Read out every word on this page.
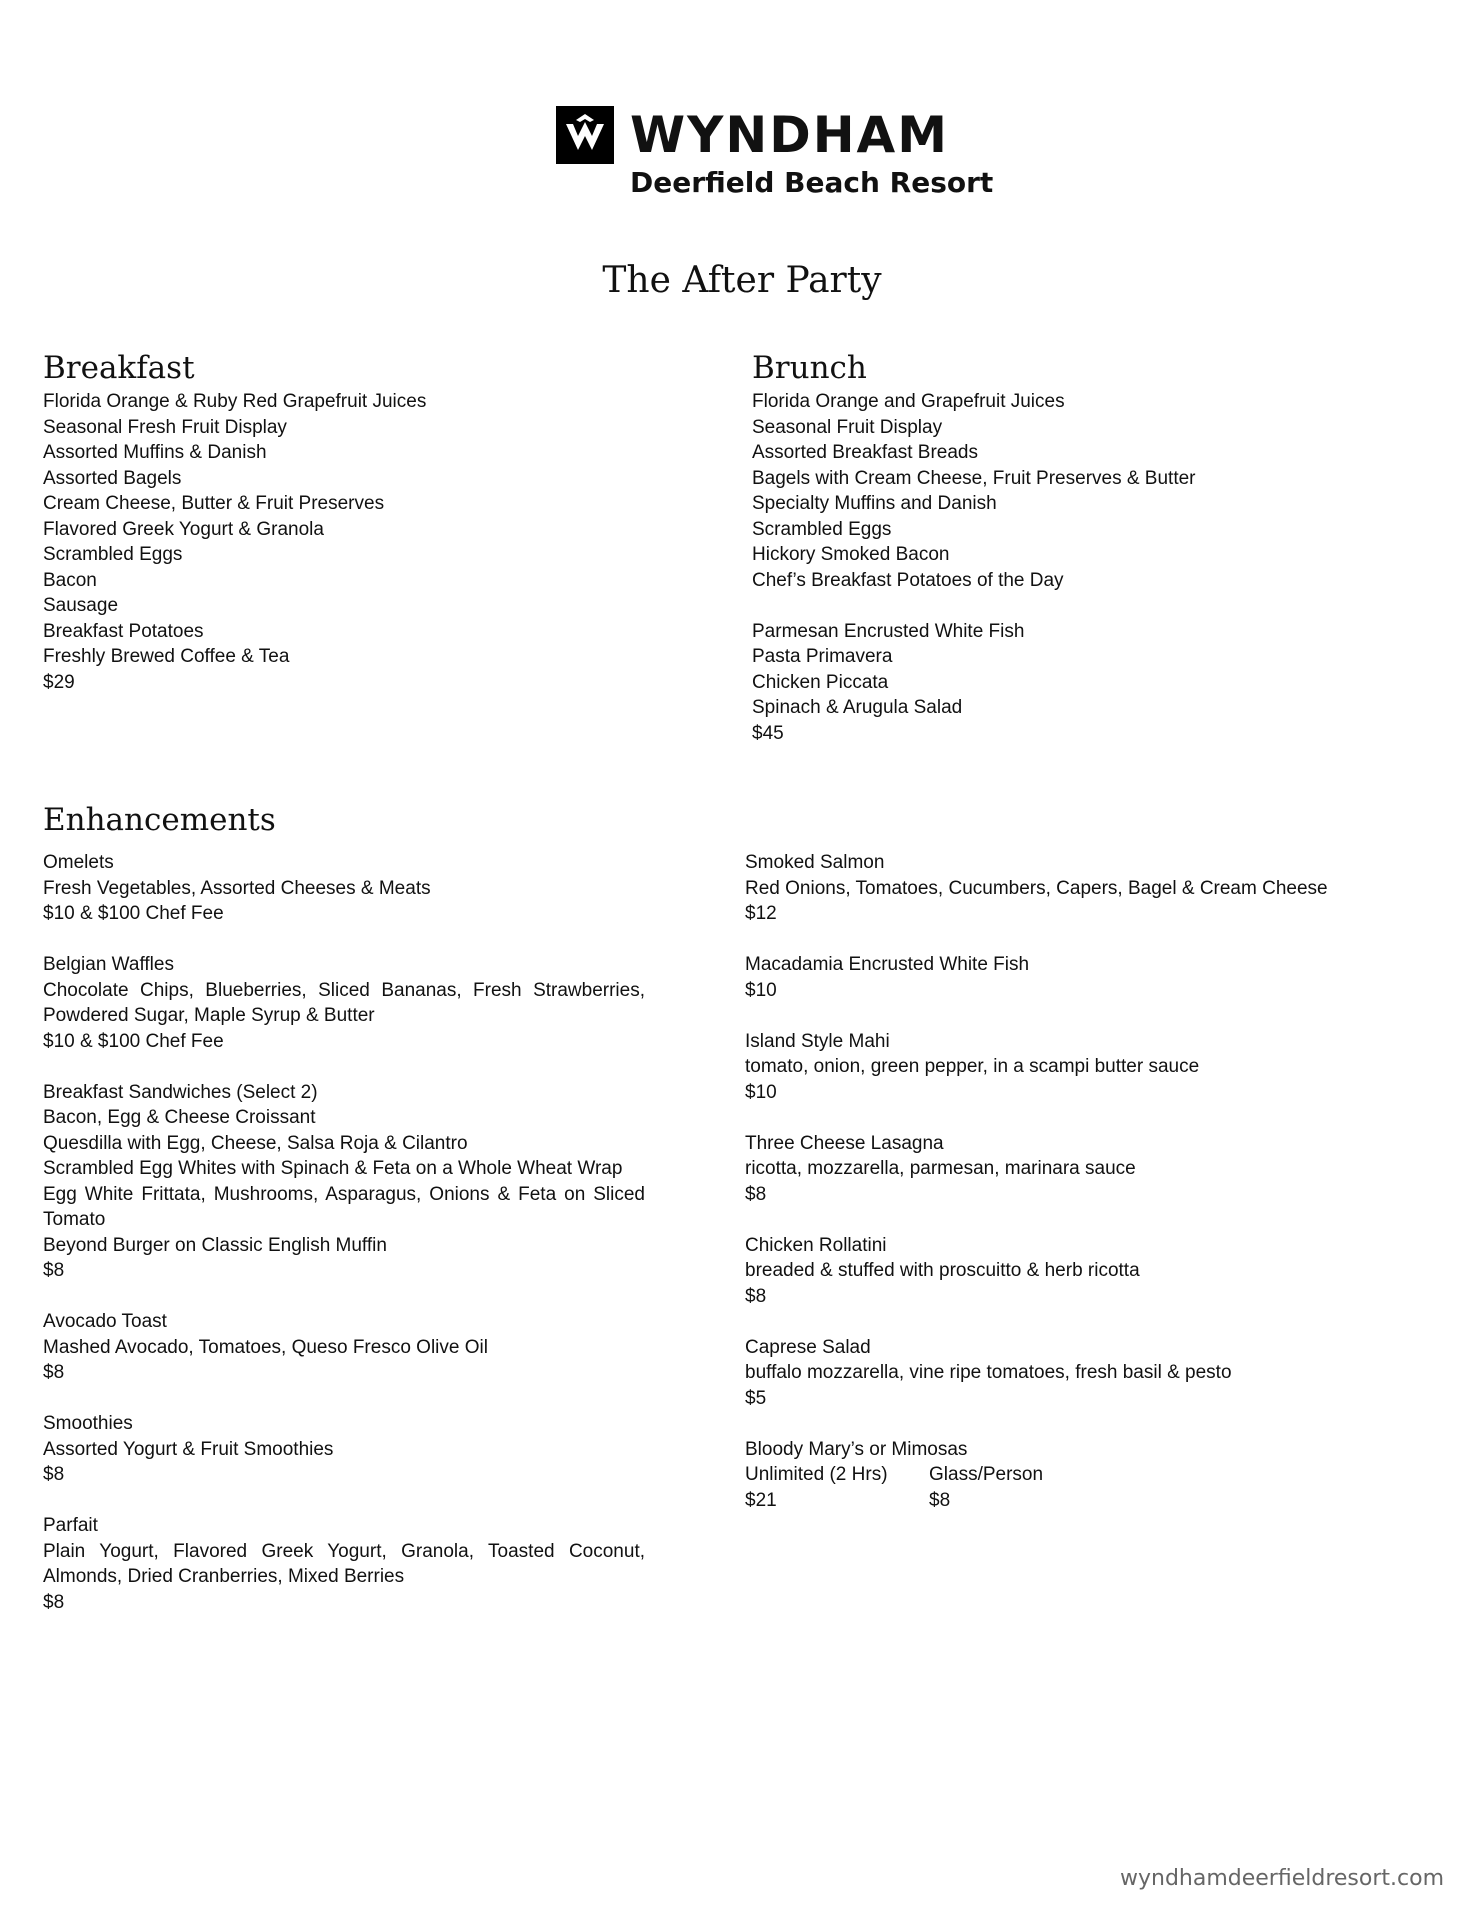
WYNDHAM
Deerfield Beach Resort
The After Party
Breakfast
Florida Orange & Ruby Red Grapefruit Juices
Seasonal Fresh Fruit Display
Assorted Muffins & Danish
Assorted Bagels
Cream Cheese, Butter & Fruit Preserves
Flavored Greek Yogurt & Granola
Scrambled Eggs
Bacon
Sausage
Breakfast Potatoes
Freshly Brewed Coffee & Tea
$29
Brunch
Florida Orange and Grapefruit Juices
Seasonal Fruit Display
Assorted Breakfast Breads
Bagels with Cream Cheese, Fruit Preserves & Butter
Specialty Muffins and Danish
Scrambled Eggs
Hickory Smoked Bacon
Chef’s Breakfast Potatoes of the Day
Parmesan Encrusted White Fish
Pasta Primavera
Chicken Piccata
Spinach & Arugula Salad
$45
Enhancements
Omelets
Fresh Vegetables, Assorted Cheeses & Meats
$10 & $100 Chef Fee
Belgian Waffles
Chocolate Chips, Blueberries, Sliced Bananas, Fresh Strawberries, Powdered Sugar, Maple Syrup & Butter
$10 & $100 Chef Fee
Breakfast Sandwiches (Select 2)
Bacon, Egg & Cheese Croissant
Quesdilla with Egg, Cheese, Salsa Roja & Cilantro
Scrambled Egg Whites with Spinach & Feta on a Whole Wheat Wrap
Egg White Frittata, Mushrooms, Asparagus, Onions & Feta on Sliced Tomato
Beyond Burger on Classic English Muffin
$8
Avocado Toast
Mashed Avocado, Tomatoes, Queso Fresco Olive Oil
$8
Smoothies
Assorted Yogurt & Fruit Smoothies
$8
Parfait
Plain Yogurt, Flavored Greek Yogurt, Granola, Toasted Coconut, Almonds, Dried Cranberries, Mixed Berries
$8
Smoked Salmon
Red Onions, Tomatoes, Cucumbers, Capers, Bagel & Cream Cheese
$12
Macadamia Encrusted White Fish
$10
Island Style Mahi
tomato, onion, green pepper, in a scampi butter sauce
$10
Three Cheese Lasagna
ricotta, mozzarella, parmesan, marinara sauce
$8
Chicken Rollatini
breaded & stuffed with proscuitto & herb ricotta
$8
Caprese Salad
buffalo mozzarella, vine ripe tomatoes, fresh basil & pesto
$5
Bloody Mary’s or Mimosas
Unlimited (2 Hrs) Glass/Person
$21	$8
wyndhamdeerfieldresort.com
